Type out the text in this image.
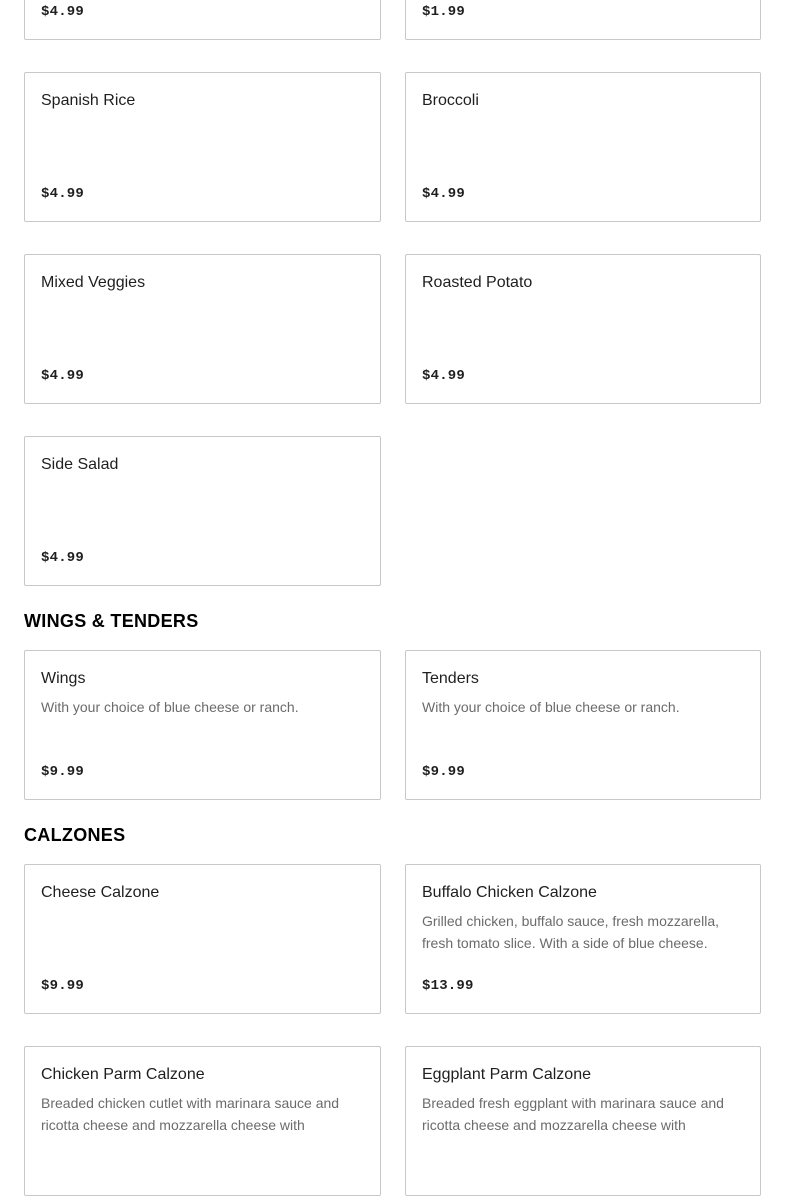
$4.99	$1.99
Spanish Rice
$4.99
Broccoli
$4.99
Mixed Veggies
$4.99
Roasted Potato
$4.99
Side Salad
$4.99
WINGS & TENDERS
Wings
With your choice of blue cheese or ranch.
$9.99
Tenders
With your choice of blue cheese or ranch.
$9.99
CALZONES
Cheese Calzone
$9.99
Buffalo Chicken Calzone
Grilled chicken, buffalo sauce, fresh mozzarella, fresh tomato slice. With a side of blue cheese.
$13.99
Chicken Parm Calzone
Breaded chicken cutlet with marinara sauce and ricotta cheese and mozzarella cheese with
Eggplant Parm Calzone
Breaded fresh eggplant with marinara sauce and ricotta cheese and mozzarella cheese with
